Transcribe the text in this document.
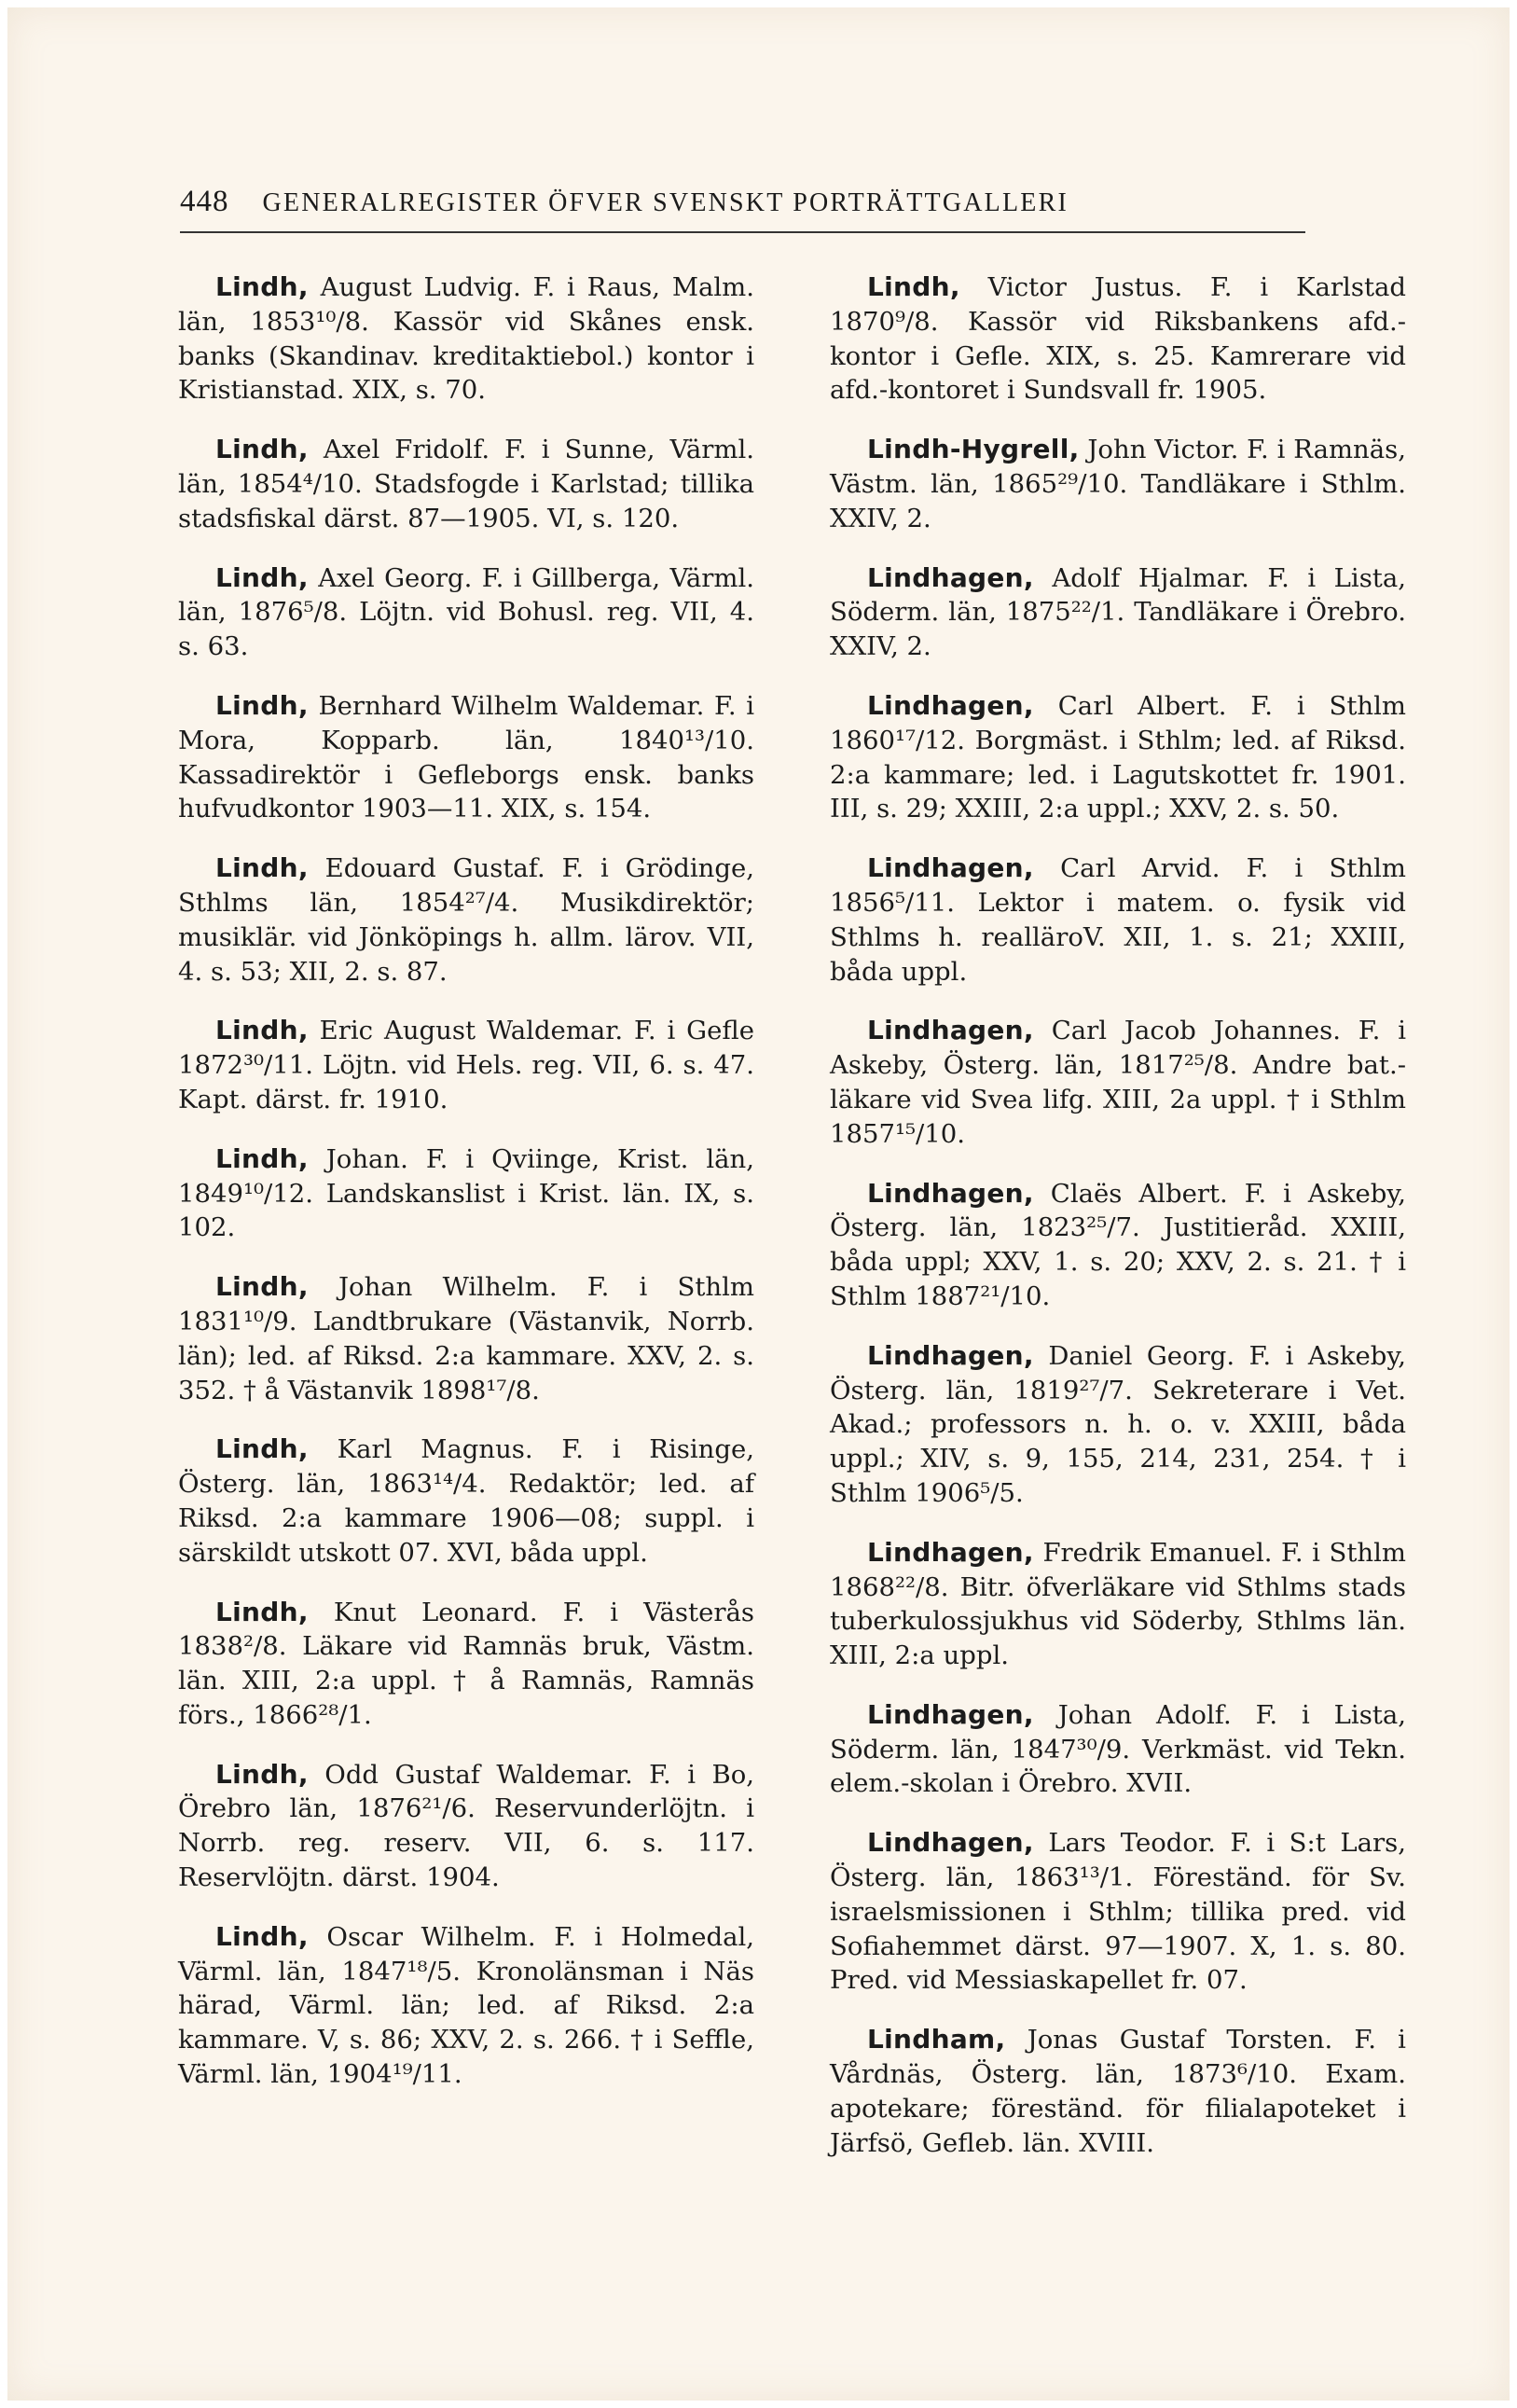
448 GENERALREGISTER ÖFVER SVENSKT PORTRÄTTGALLERI

Lindh, August Ludvig. F. i Raus, Malm. län, 1853¹⁰/8. Kassör vid Skånes ensk. banks (Skandinav. kreditaktiebol.) kontor i Kristianstad. XIX, s. 70.

Lindh, Axel Fridolf. F. i Sunne, Värml. län, 1854⁴/10. Stadsfogde i Karlstad; tillika stadsfiskal därst. 87—1905. VI, s. 120.

Lindh, Axel Georg. F. i Gillberga, Värml. län, 1876⁵/8. Löjtn. vid Bohusl. reg. VII, 4. s. 63.

Lindh, Bernhard Wilhelm Waldemar. F. i Mora, Kopparb. län, 1840¹³/10. Kassadirektör i Gefleborgs ensk. banks hufvudkontor 1903—11. XIX, s. 154.

Lindh, Edouard Gustaf. F. i Grödinge, Sthlms län, 1854²⁷/4. Musikdirektör; musiklär. vid Jönköpings h. allm. lärov. VII, 4. s. 53; XII, 2. s. 87.

Lindh, Eric August Waldemar. F. i Gefle 1872³⁰/11. Löjtn. vid Hels. reg. VII, 6. s. 47. Kapt. därst. fr. 1910.

Lindh, Johan. F. i Qviinge, Krist. län, 1849¹⁰/12. Landskanslist i Krist. län. IX, s. 102.

Lindh, Johan Wilhelm. F. i Sthlm 1831¹⁰/9. Landtbrukare (Västanvik, Norrb. län); led. af Riksd. 2:a kammare. XXV, 2. s. 352. † å Västanvik 1898¹⁷/8.

Lindh, Karl Magnus. F. i Risinge, Österg. län, 1863¹⁴/4. Redaktör; led. af Riksd. 2:a kammare 1906—08; suppl. i särskildt utskott 07. XVI, båda uppl.

Lindh, Knut Leonard. F. i Västerås 1838²/8. Läkare vid Ramnäs bruk, Västm. län. XIII, 2:a uppl. † å Ramnäs, Ramnäs förs., 1866²⁸/1.

Lindh, Odd Gustaf Waldemar. F. i Bo, Örebro län, 1876²¹/6. Reservunderlöjtn. i Norrb. reg. reserv. VII, 6. s. 117. Reservlöjtn. därst. 1904.

Lindh, Oscar Wilhelm. F. i Holmedal, Värml. län, 1847¹⁸/5. Kronolänsman i Näs härad, Värml. län; led. af Riksd. 2:a kammare. V, s. 86; XXV, 2. s. 266. † i Seffle, Värml. län, 1904¹⁹/11.

Lindh, Victor Justus. F. i Karlstad 1870⁹/8. Kassör vid Riksbankens afd.-kontor i Gefle. XIX, s. 25. Kamrerare vid afd.-kontoret i Sundsvall fr. 1905.

Lindh-Hygrell, John Victor. F. i Ramnäs, Västm. län, 1865²⁹/10. Tandläkare i Sthlm. XXIV, 2.

Lindhagen, Adolf Hjalmar. F. i Lista, Söderm. län, 1875²²/1. Tandläkare i Örebro. XXIV, 2.

Lindhagen, Carl Albert. F. i Sthlm 1860¹⁷/12. Borgmäst. i Sthlm; led. af Riksd. 2:a kammare; led. i Lagutskottet fr. 1901. III, s. 29; XXIII, 2:a uppl.; XXV, 2. s. 50.

Lindhagen, Carl Arvid. F. i Sthlm 1856⁵/11. Lektor i matem. o. fysik vid Sthlms h. realläroV. XII, 1. s. 21; XXIII, båda uppl.

Lindhagen, Carl Jacob Johannes. F. i Askeby, Österg. län, 1817²⁵/8. Andre bat.-läkare vid Svea lifg. XIII, 2a uppl. † i Sthlm 1857¹⁵/10.

Lindhagen, Claës Albert. F. i Askeby, Österg. län, 1823²⁵/7. Justitieråd. XXIII, båda uppl; XXV, 1. s. 20; XXV, 2. s. 21. † i Sthlm 1887²¹/10.

Lindhagen, Daniel Georg. F. i Askeby, Österg. län, 1819²⁷/7. Sekreterare i Vet. Akad.; professors n. h. o. v. XXIII, båda uppl.; XIV, s. 9, 155, 214, 231, 254. † i Sthlm 1906⁵/5.

Lindhagen, Fredrik Emanuel. F. i Sthlm 1868²²/8. Bitr. öfverläkare vid Sthlms stads tuberkulossjukhus vid Söderby, Sthlms län. XIII, 2:a uppl.

Lindhagen, Johan Adolf. F. i Lista, Söderm. län, 1847³⁰/9. Verkmäst. vid Tekn. elem.-skolan i Örebro. XVII.

Lindhagen, Lars Teodor. F. i S:t Lars, Österg. län, 1863¹³/1. Föreständ. för Sv. israelsmissionen i Sthlm; tillika pred. vid Sofiahemmet därst. 97—1907. X, 1. s. 80. Pred. vid Messiaskapellet fr. 07.

Lindham, Jonas Gustaf Torsten. F. i Vårdnäs, Österg. län, 1873⁶/10. Exam. apotekare; föreständ. för filialapoteket i Järfsö, Gefleb. län. XVIII.
